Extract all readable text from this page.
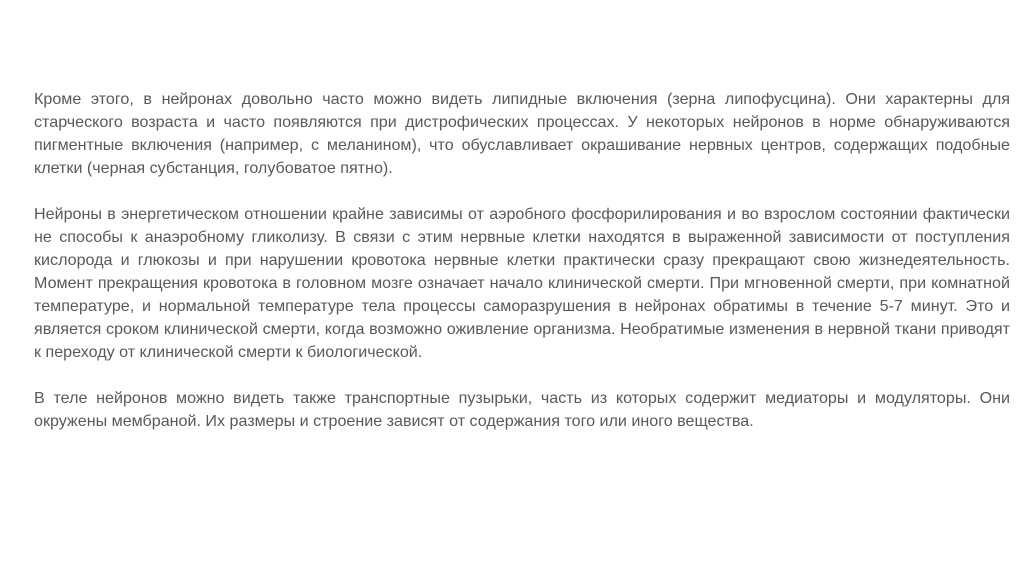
Кроме этого, в нейронах довольно часто можно видеть липидные включения (зерна липофусцина). Они характерны для старческого возраста и часто появляются при дистрофических процессах. У некоторых нейронов в норме обнаруживаются пигментные включения (например, с меланином), что обуславливает окрашивание нервных центров, содержащих подобные клетки (черная субстанция, голубоватое пятно).

Нейроны в энергетическом отношении крайне зависимы от аэробного фосфорилирования и во взрослом состоянии фактически не способы к анаэробному гликолизу. В связи с этим нервные клетки находятся в выраженной зависимости от поступления кислорода и глюкозы и при нарушении кровотока нервные клетки практически сразу прекращают свою жизнедеятельность. Момент прекращения кровотока в головном мозге означает начало клинической смерти. При мгновенной смерти, при комнатной температуре, и нормальной температуре тела процессы саморазрушения в нейронах обратимы в течение 5-7 минут. Это и является сроком клинической смерти, когда возможно оживление организма. Необратимые изменения в нервной ткани приводят к переходу от клинической смерти к биологической.

В теле нейронов можно видеть также транспортные пузырьки, часть из которых содержит медиаторы и модуляторы. Они окружены мембраной. Их размеры и строение зависят от содержания того или иного вещества.
